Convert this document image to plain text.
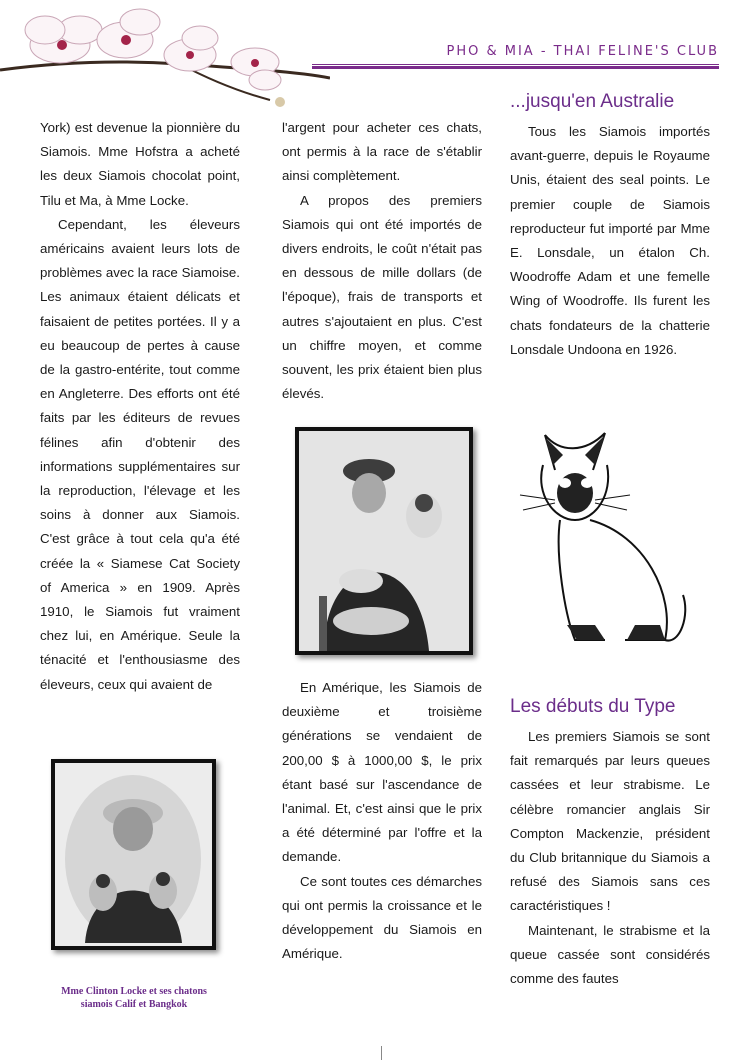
PHO & MIA - THAI FELINE'S CLUB

York) est devenue la pionnière du Siamois. Mme Hofstra a acheté les deux Siamois chocolat point, Tilu et Ma, à Mme Locke.

Cependant, les éleveurs américains avaient leurs lots de problèmes avec la race Siamoise. Les animaux étaient délicats et faisaient de petites portées. Il y a eu beaucoup de pertes à cause de la gastro-entérite, tout comme en Angleterre. Des efforts ont été faits par les éditeurs de revues félines afin d'obtenir des informations supplémentaires sur la reproduction, l'élevage et les soins à donner aux Siamois. C'est grâce à tout cela qu'a été créée la « Siamese Cat Society of America » en 1909. Après 1910, le Siamois fut vraiment chez lui, en Amérique. Seule la ténacité et l'enthousiasme des éleveurs, ceux qui avaient de

Mme Clinton Locke et ses chatons siamois Calif et Bangkok

l'argent pour acheter ces chats, ont permis à la race de s'établir ainsi complètement.

A propos des premiers Siamois qui ont été importés de divers endroits, le coût n'était pas en dessous de mille dollars (de l'époque), frais de transports et autres s'ajoutaient en plus. C'est un chiffre moyen, et comme souvent, les prix étaient bien plus élevés.

En Amérique, les Siamois de deuxième et troisième générations se vendaient de 200,00 $ à 1000,00 $, le prix étant basé sur l'ascendance de l'animal. Et, c'est ainsi que le prix a été déterminé par l'offre et la demande.

Ce sont toutes ces démarches qui ont permis la croissance et le développement du Siamois en Amérique.

...jusqu'en Australie

Tous les Siamois importés avant-guerre, depuis le Royaume Unis, étaient des seal points. Le premier couple de Siamois reproducteur fut importé par Mme E. Lonsdale, un étalon Ch. Woodroffe Adam et une femelle Wing of Woodroffe. Ils furent les chats fondateurs de la chatterie Lonsdale Undoona en 1926.

Les débuts du Type

Les premiers Siamois se sont fait remarqués par leurs queues cassées et leur strabisme. Le célèbre romancier anglais Sir Compton Mackenzie, président du Club britannique du Siamois a refusé des Siamois sans ces caractéristiques !

Maintenant, le strabisme et la queue cassée sont considérés comme des fautes
